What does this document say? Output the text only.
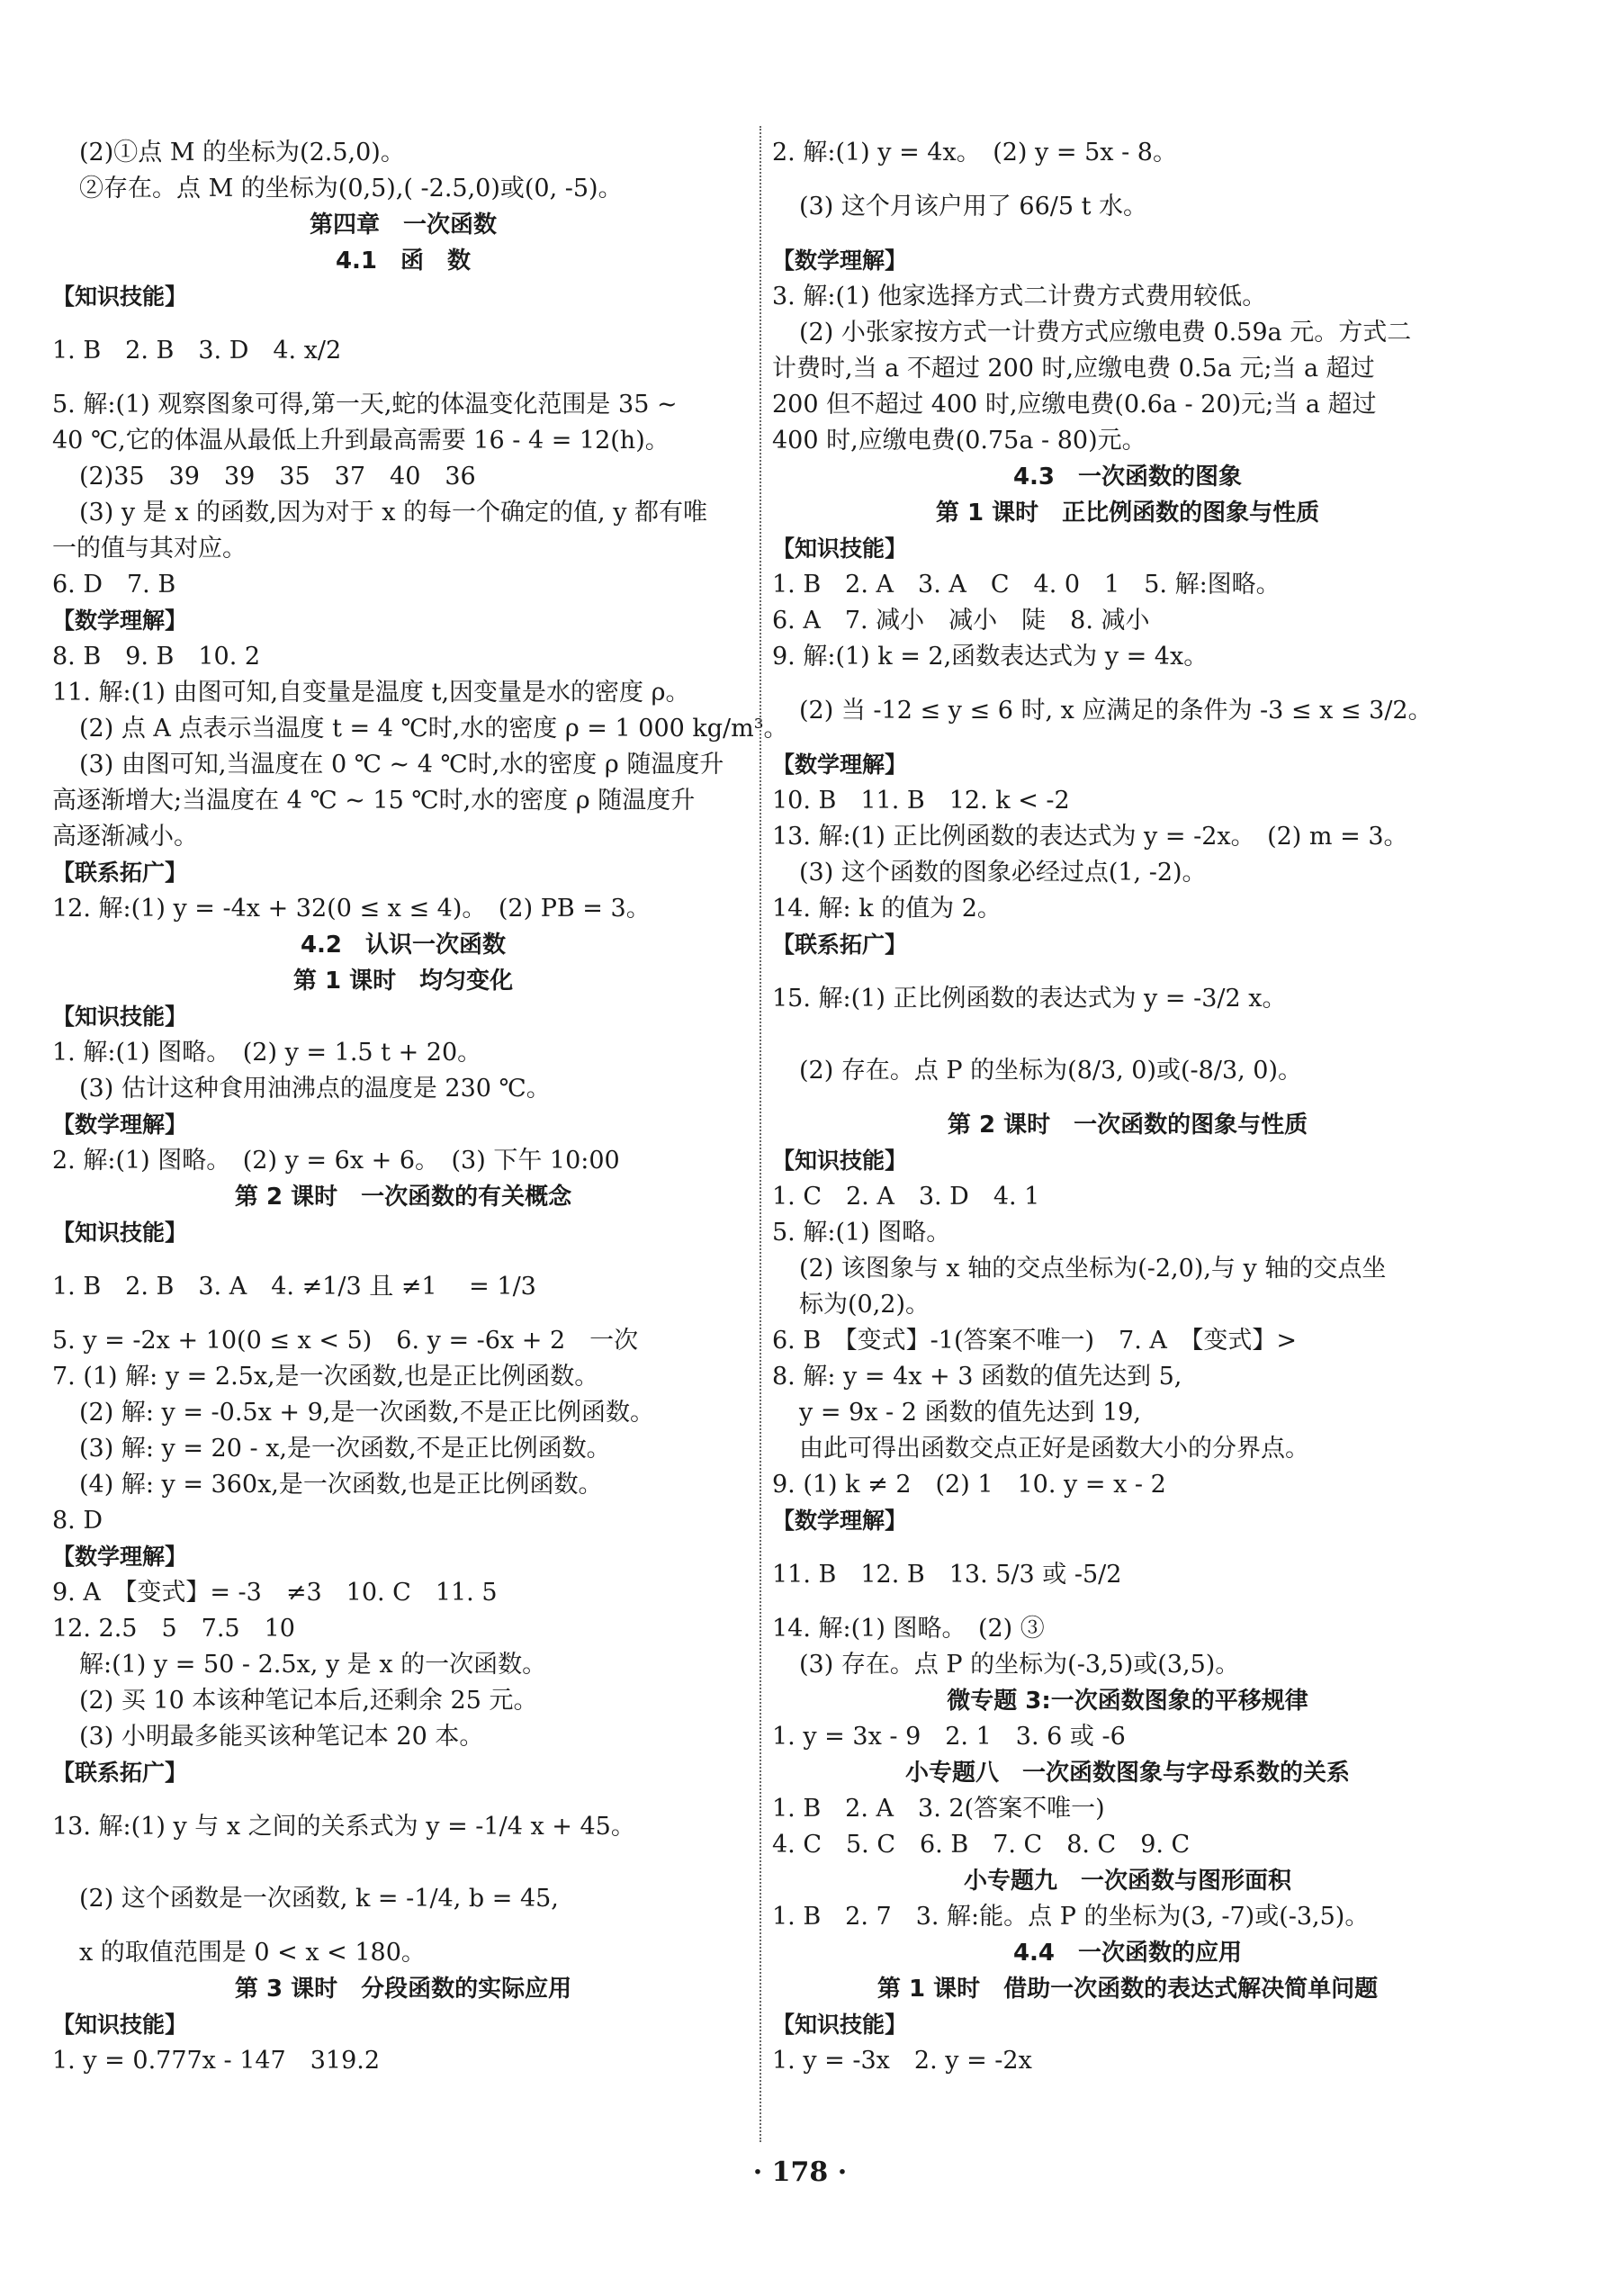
(2)①点 M 的坐标为(2.5,0)。
②存在。点 M 的坐标为(0,5),( -2.5,0)或(0, -5)。
第四章　一次函数
4.1　函　数
【知识技能】
1. B　2. B　3. D　4. x/2
5. 解:(1) 观察图象可得,第一天,蛇的体温变化范围是 35 ~
40 ℃,它的体温从最低上升到最高需要 16 - 4 = 12(h)。
(2)35　39　39　35　37　40　36
(3) y 是 x 的函数,因为对于 x 的每一个确定的值, y 都有唯
一的值与其对应。
6. D　7. B
【数学理解】
8. B　9. B　10. 2
11. 解:(1) 由图可知,自变量是温度 t,因变量是水的密度 ρ。
(2) 点 A 点表示当温度 t = 4 ℃时,水的密度 ρ = 1 000 kg/m³。
(3) 由图可知,当温度在 0 ℃ ~ 4 ℃时,水的密度 ρ 随温度升
高逐渐增大;当温度在 4 ℃ ~ 15 ℃时,水的密度 ρ 随温度升
高逐渐减小。
【联系拓广】
12. 解:(1) y = -4x + 32(0 ≤ x ≤ 4)。　(2) PB = 3。
4.2　认识一次函数
第 1 课时　均匀变化
【知识技能】
1. 解:(1) 图略。　(2) y = 1.5 t + 20。
(3) 估计这种食用油沸点的温度是 230 ℃。
【数学理解】
2. 解:(1) 图略。　(2) y = 6x + 6。　(3) 下午 10:00
第 2 课时　一次函数的有关概念
【知识技能】
1. B　2. B　3. A　4. ≠1/3 且 ≠1　 = 1/3
5. y = -2x + 10(0 ≤ x < 5)　6. y = -6x + 2　一次
7. (1) 解: y = 2.5x,是一次函数,也是正比例函数。
(2) 解: y = -0.5x + 9,是一次函数,不是正比例函数。
(3) 解: y = 20 - x,是一次函数,不是正比例函数。
(4) 解: y = 360x,是一次函数,也是正比例函数。
8. D
【数学理解】
9. A　【变式】= -3　≠3　10. C　11. 5
12. 2.5　5　7.5　10
解:(1) y = 50 - 2.5x, y 是 x 的一次函数。
(2) 买 10 本该种笔记本后,还剩余 25 元。
(3) 小明最多能买该种笔记本 20 本。
【联系拓广】
13. 解:(1) y 与 x 之间的关系式为 y = -1/4 x + 45。
(2) 这个函数是一次函数, k = -1/4, b = 45,
x 的取值范围是 0 < x < 180。
第 3 课时　分段函数的实际应用
【知识技能】
1. y = 0.777x - 147　319.2
2. 解:(1) y = 4x。　(2) y = 5x - 8。
(3) 这个月该户用了 66/5 t 水。
【数学理解】
3. 解:(1) 他家选择方式二计费方式费用较低。
(2) 小张家按方式一计费方式应缴电费 0.59a 元。方式二
计费时,当 a 不超过 200 时,应缴电费 0.5a 元;当 a 超过
200 但不超过 400 时,应缴电费(0.6a - 20)元;当 a 超过
400 时,应缴电费(0.75a - 80)元。
4.3　一次函数的图象
第 1 课时　正比例函数的图象与性质
【知识技能】
1. B　2. A　3. A　C　4. 0　1　5. 解:图略。
6. A　7. 减小　减小　陡　8. 减小
9. 解:(1) k = 2,函数表达式为 y = 4x。
(2) 当 -12 ≤ y ≤ 6 时, x 应满足的条件为 -3 ≤ x ≤ 3/2。
【数学理解】
10. B　11. B　12. k < -2
13. 解:(1) 正比例函数的表达式为 y = -2x。　(2) m = 3。
(3) 这个函数的图象必经过点(1, -2)。
14. 解: k 的值为 2。
【联系拓广】
15. 解:(1) 正比例函数的表达式为 y = -3/2 x。
(2) 存在。点 P 的坐标为(8/3, 0)或(-8/3, 0)。
第 2 课时　一次函数的图象与性质
【知识技能】
1. C　2. A　3. D　4. 1
5. 解:(1) 图略。
(2) 该图象与 x 轴的交点坐标为(-2,0),与 y 轴的交点坐
标为(0,2)。
6. B　【变式】-1(答案不唯一)　7. A　【变式】>
8. 解: y = 4x + 3 函数的值先达到 5,
y = 9x - 2 函数的值先达到 19,
由此可得出函数交点正好是函数大小的分界点。
9. (1) k ≠ 2　(2) 1　10. y = x - 2
【数学理解】
11. B　12. B　13. 5/3 或 -5/2
14. 解:(1) 图略。　(2) ③
(3) 存在。点 P 的坐标为(-3,5)或(3,5)。
微专题 3:一次函数图象的平移规律
1. y = 3x - 9　2. 1　3. 6 或 -6
小专题八　一次函数图象与字母系数的关系
1. B　2. A　3. 2(答案不唯一)
4. C　5. C　6. B　7. C　8. C　9. C
小专题九　一次函数与图形面积
1. B　2. 7　3. 解:能。点 P 的坐标为(3, -7)或(-3,5)。
4.4　一次函数的应用
第 1 课时　借助一次函数的表达式解决简单问题
【知识技能】
1. y = -3x　2. y = -2x
· 178 ·
